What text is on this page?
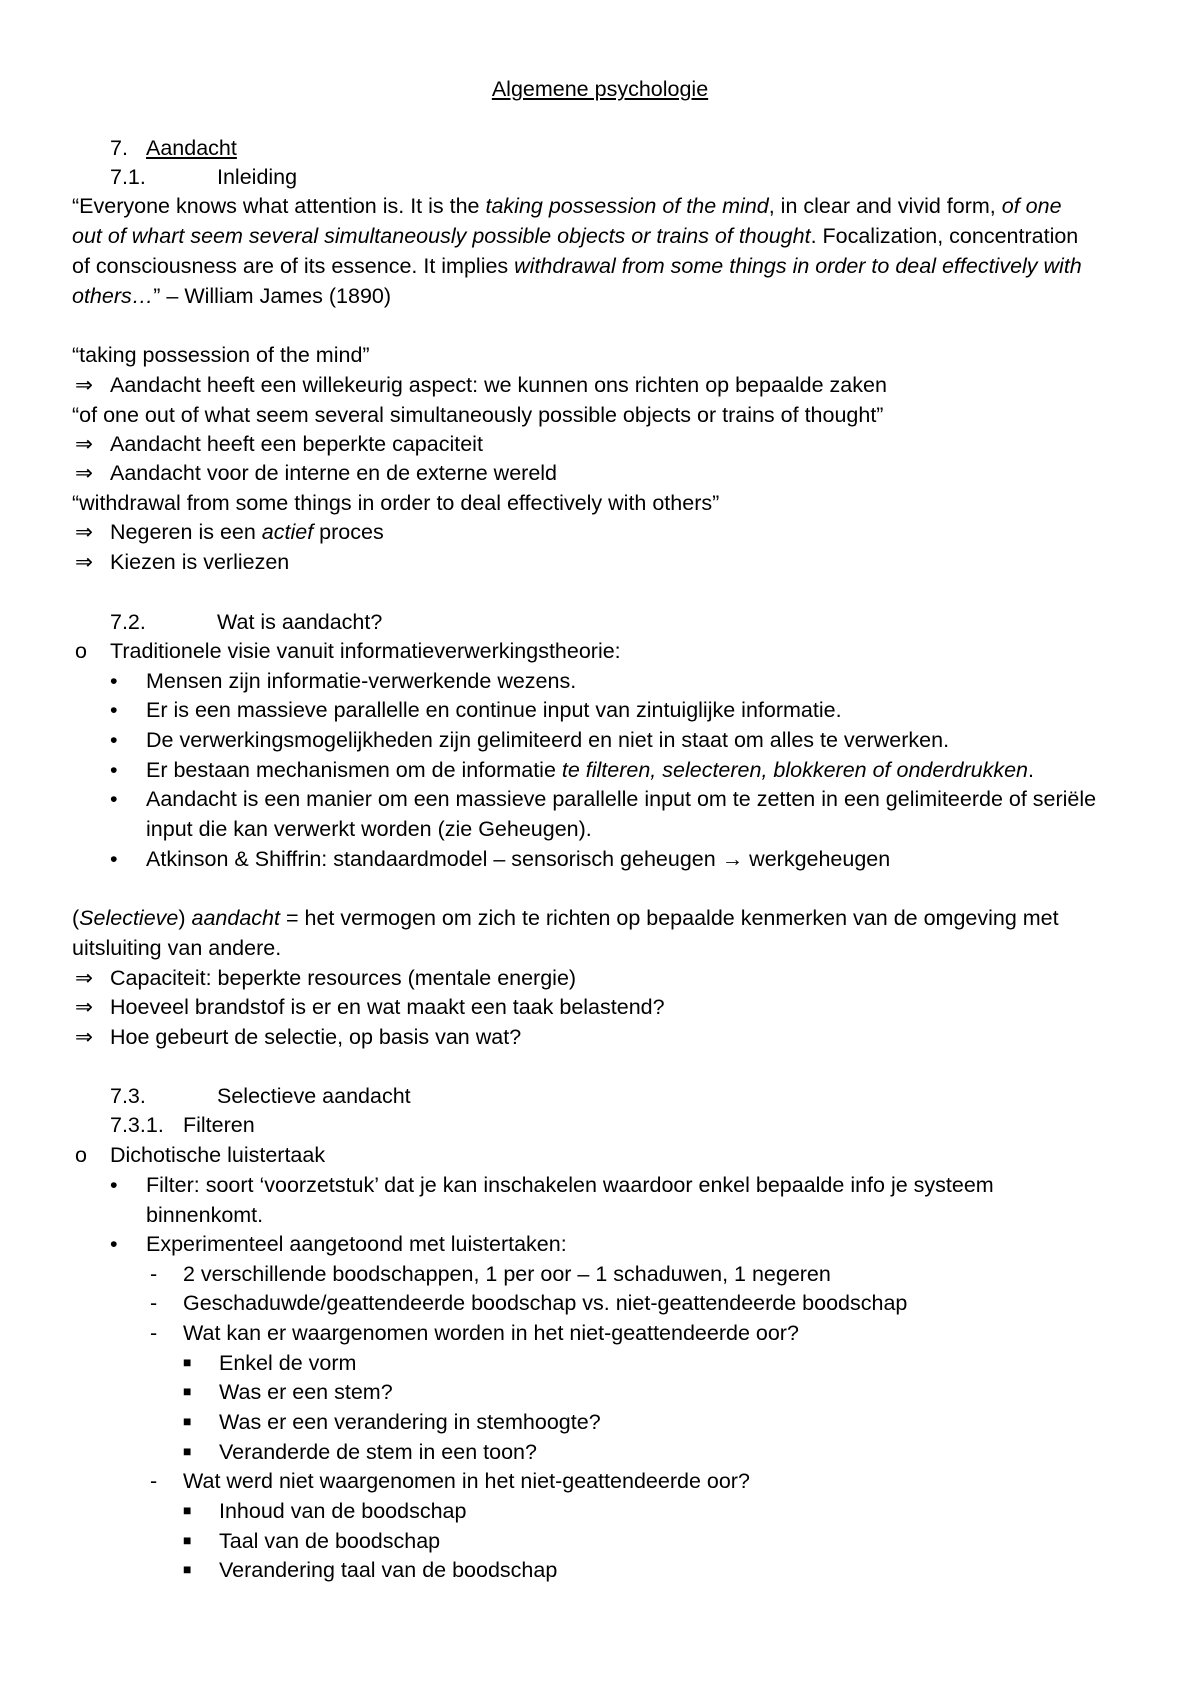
Algemene psychologie
7. Aandacht
7.1.	Inleiding
“Everyone knows what attention is. It is the taking possession of the mind, in clear and vivid form, of one
out of whart seem several simultaneously possible objects or trains of thought. Focalization, concentration
of consciousness are of its essence. It implies withdrawal from some things in order to deal effectively with
others…” – William James (1890)
“taking possession of the mind”
⇒ Aandacht heeft een willekeurig aspect: we kunnen ons richten op bepaalde zaken
“of one out of what seem several simultaneously possible objects or trains of thought”
⇒ Aandacht heeft een beperkte capaciteit
⇒ Aandacht voor de interne en de externe wereld
“withdrawal from some things in order to deal effectively with others”
⇒ Negeren is een actief proces
⇒ Kiezen is verliezen
7.2.	Wat is aandacht?
o Traditionele visie vanuit informatieverwerkingstheorie:
• Mensen zijn informatie-verwerkende wezens.
• Er is een massieve parallelle en continue input van zintuiglijke informatie.
• De verwerkingsmogelijkheden zijn gelimiteerd en niet in staat om alles te verwerken.
• Er bestaan mechanismen om de informatie te filteren, selecteren, blokkeren of onderdrukken.
• Aandacht is een manier om een massieve parallelle input om te zetten in een gelimiteerde of seriële
input die kan verwerkt worden (zie Geheugen).
• Atkinson & Shiffrin: standaardmodel – sensorisch geheugen → werkgeheugen
(Selectieve) aandacht = het vermogen om zich te richten op bepaalde kenmerken van de omgeving met
uitsluiting van andere.
⇒ Capaciteit: beperkte resources (mentale energie)
⇒ Hoeveel brandstof is er en wat maakt een taak belastend?
⇒ Hoe gebeurt de selectie, op basis van wat?
7.3.	Selectieve aandacht
7.3.1. Filteren
o Dichotische luistertaak
• Filter: soort ‘voorzetstuk’ dat je kan inschakelen waardoor enkel bepaalde info je systeem
binnenkomt.
• Experimenteel aangetoond met luistertaken:
- 2 verschillende boodschappen, 1 per oor – 1 schaduwen, 1 negeren
- Geschaduwde/geattendeerde boodschap vs. niet-geattendeerde boodschap
- Wat kan er waargenomen worden in het niet-geattendeerde oor?
■ Enkel de vorm
■ Was er een stem?
■ Was er een verandering in stemhoogte?
■ Veranderde de stem in een toon?
- Wat werd niet waargenomen in het niet-geattendeerde oor?
■ Inhoud van de boodschap
■ Taal van de boodschap
■ Verandering taal van de boodschap
